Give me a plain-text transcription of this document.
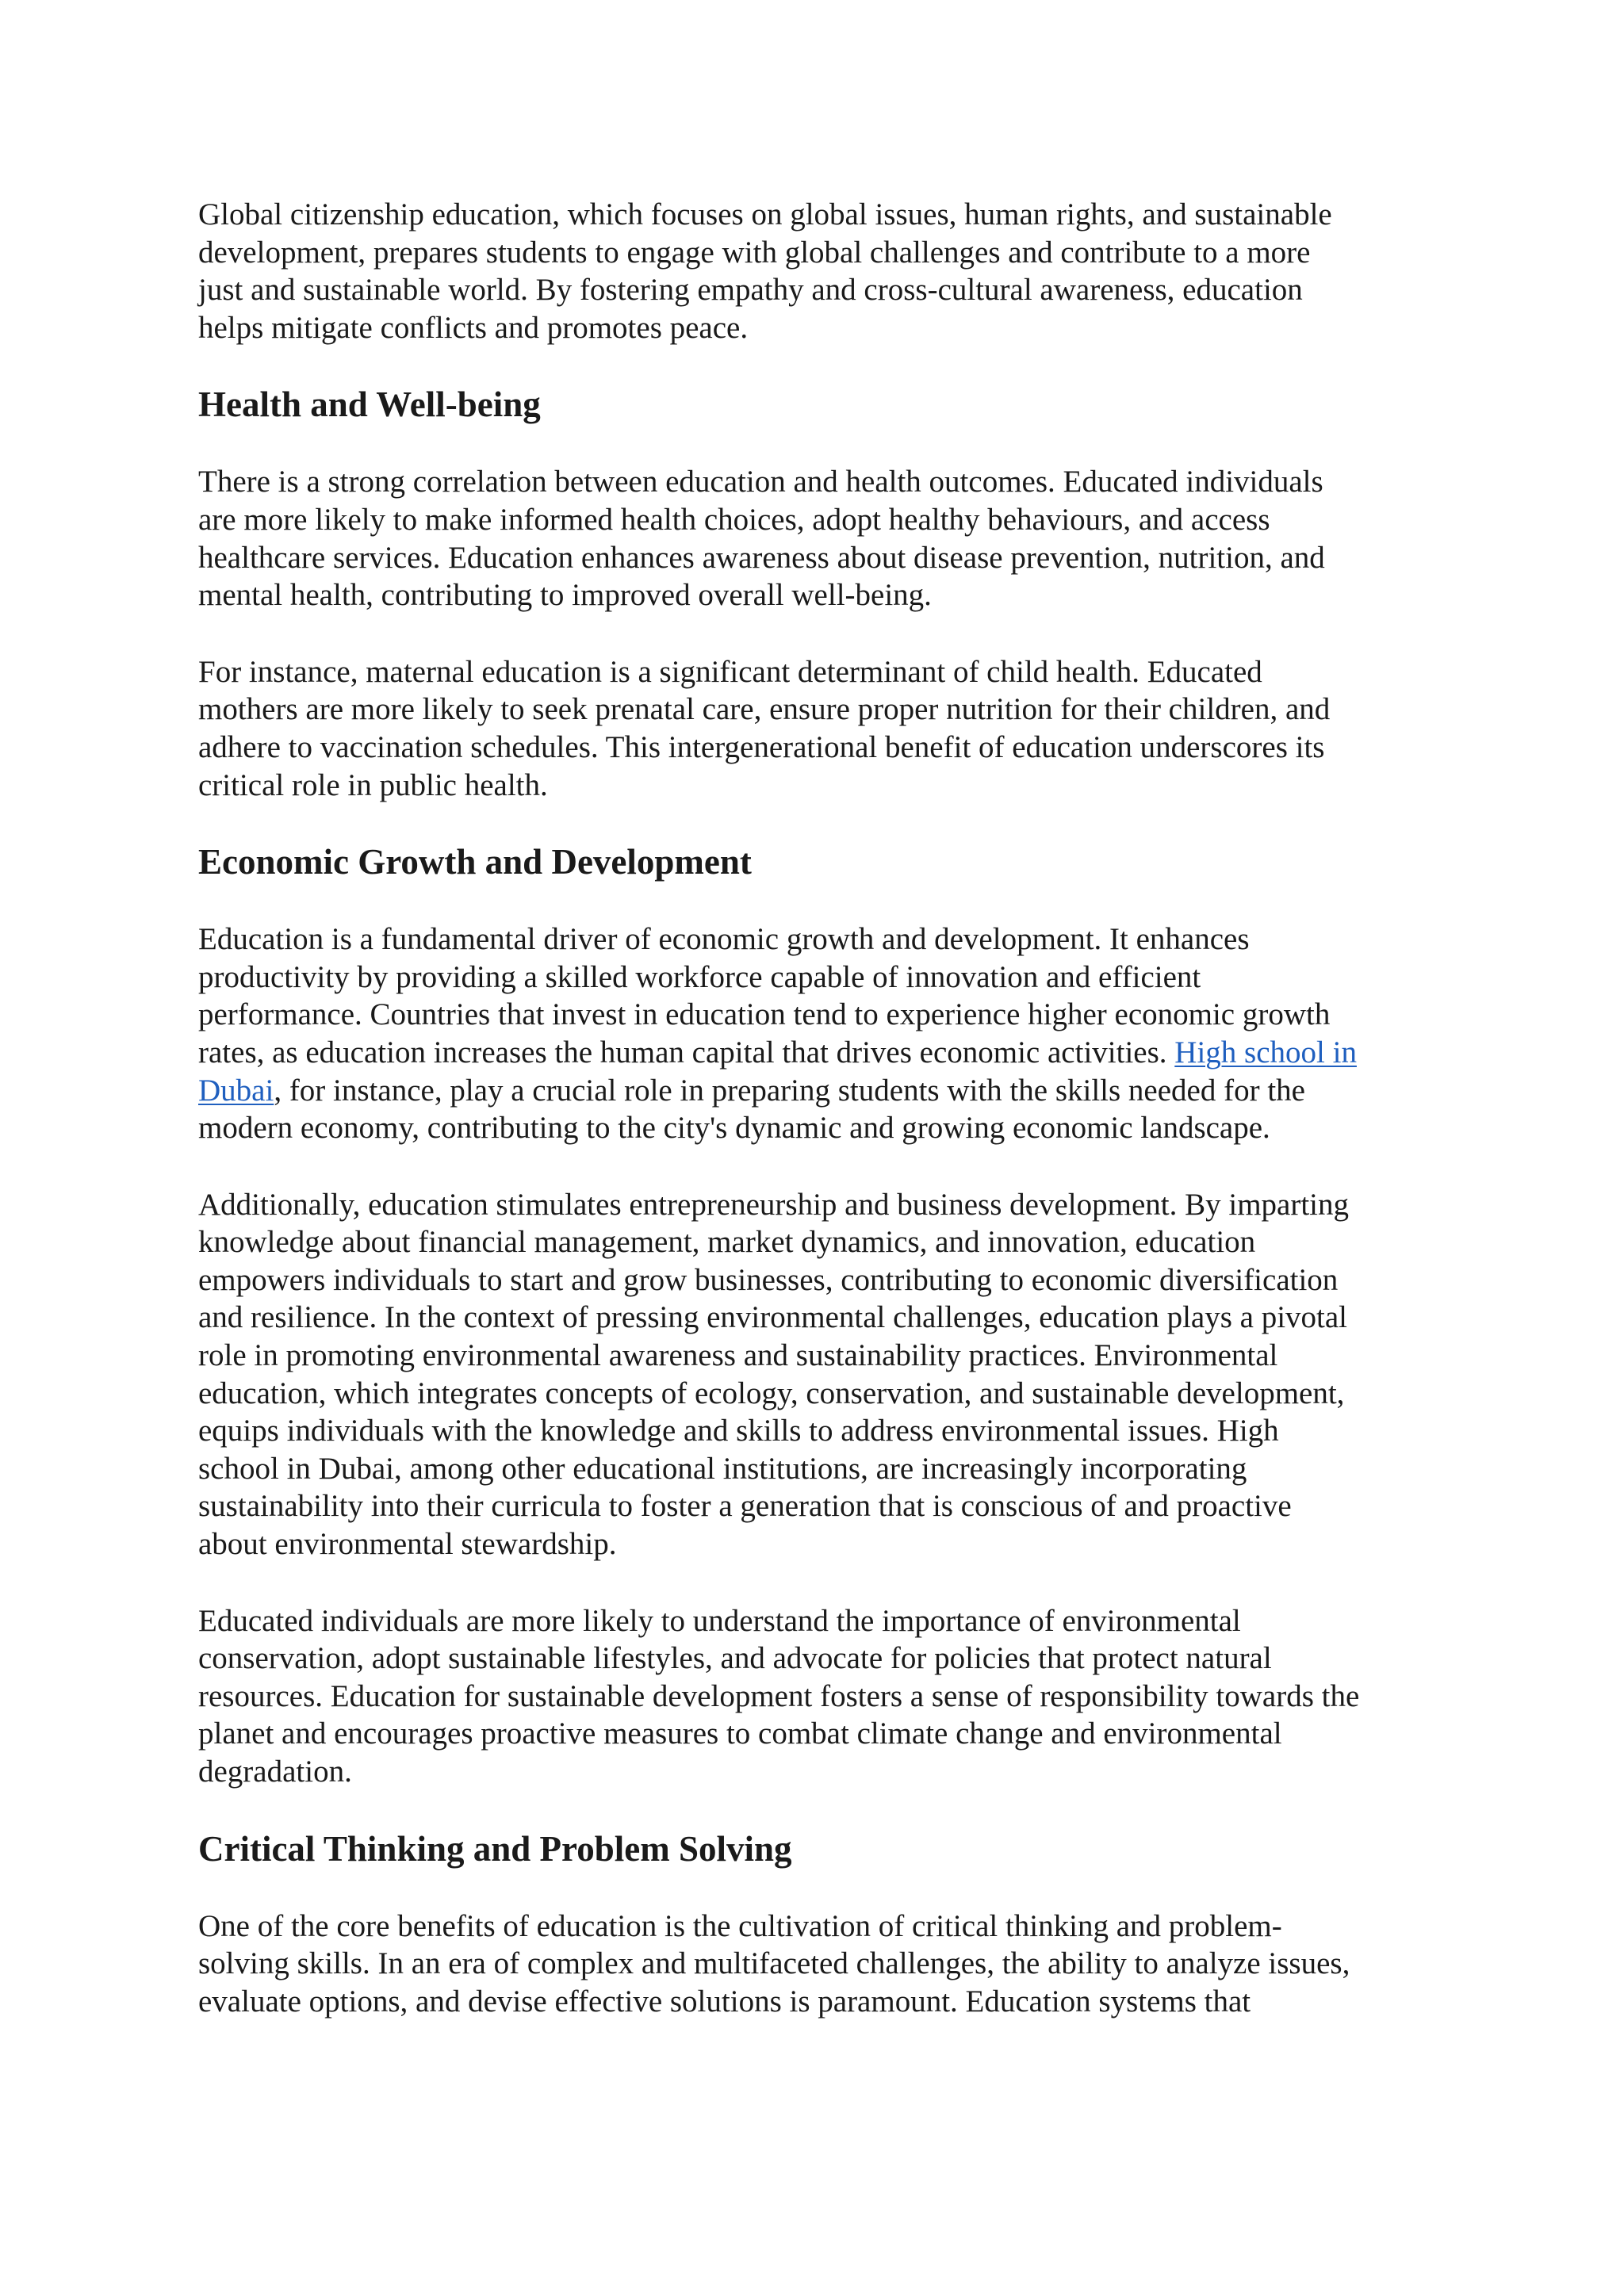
Global citizenship education, which focuses on global issues, human rights, and sustainable
development, prepares students to engage with global challenges and contribute to a more
just and sustainable world. By fostering empathy and cross-cultural awareness, education
helps mitigate conflicts and promotes peace.

Health and Well-being

There is a strong correlation between education and health outcomes. Educated individuals
are more likely to make informed health choices, adopt healthy behaviours, and access
healthcare services. Education enhances awareness about disease prevention, nutrition, and
mental health, contributing to improved overall well-being.

For instance, maternal education is a significant determinant of child health. Educated
mothers are more likely to seek prenatal care, ensure proper nutrition for their children, and
adhere to vaccination schedules. This intergenerational benefit of education underscores its
critical role in public health.

Economic Growth and Development

Education is a fundamental driver of economic growth and development. It enhances
productivity by providing a skilled workforce capable of innovation and efficient
performance. Countries that invest in education tend to experience higher economic growth
rates, as education increases the human capital that drives economic activities. High school in
Dubai, for instance, play a crucial role in preparing students with the skills needed for the
modern economy, contributing to the city's dynamic and growing economic landscape.

Additionally, education stimulates entrepreneurship and business development. By imparting
knowledge about financial management, market dynamics, and innovation, education
empowers individuals to start and grow businesses, contributing to economic diversification
and resilience. In the context of pressing environmental challenges, education plays a pivotal
role in promoting environmental awareness and sustainability practices. Environmental
education, which integrates concepts of ecology, conservation, and sustainable development,
equips individuals with the knowledge and skills to address environmental issues. High
school in Dubai, among other educational institutions, are increasingly incorporating
sustainability into their curricula to foster a generation that is conscious of and proactive
about environmental stewardship.

Educated individuals are more likely to understand the importance of environmental
conservation, adopt sustainable lifestyles, and advocate for policies that protect natural
resources. Education for sustainable development fosters a sense of responsibility towards the
planet and encourages proactive measures to combat climate change and environmental
degradation.

Critical Thinking and Problem Solving

One of the core benefits of education is the cultivation of critical thinking and problem-
solving skills. In an era of complex and multifaceted challenges, the ability to analyze issues,
evaluate options, and devise effective solutions is paramount. Education systems that
